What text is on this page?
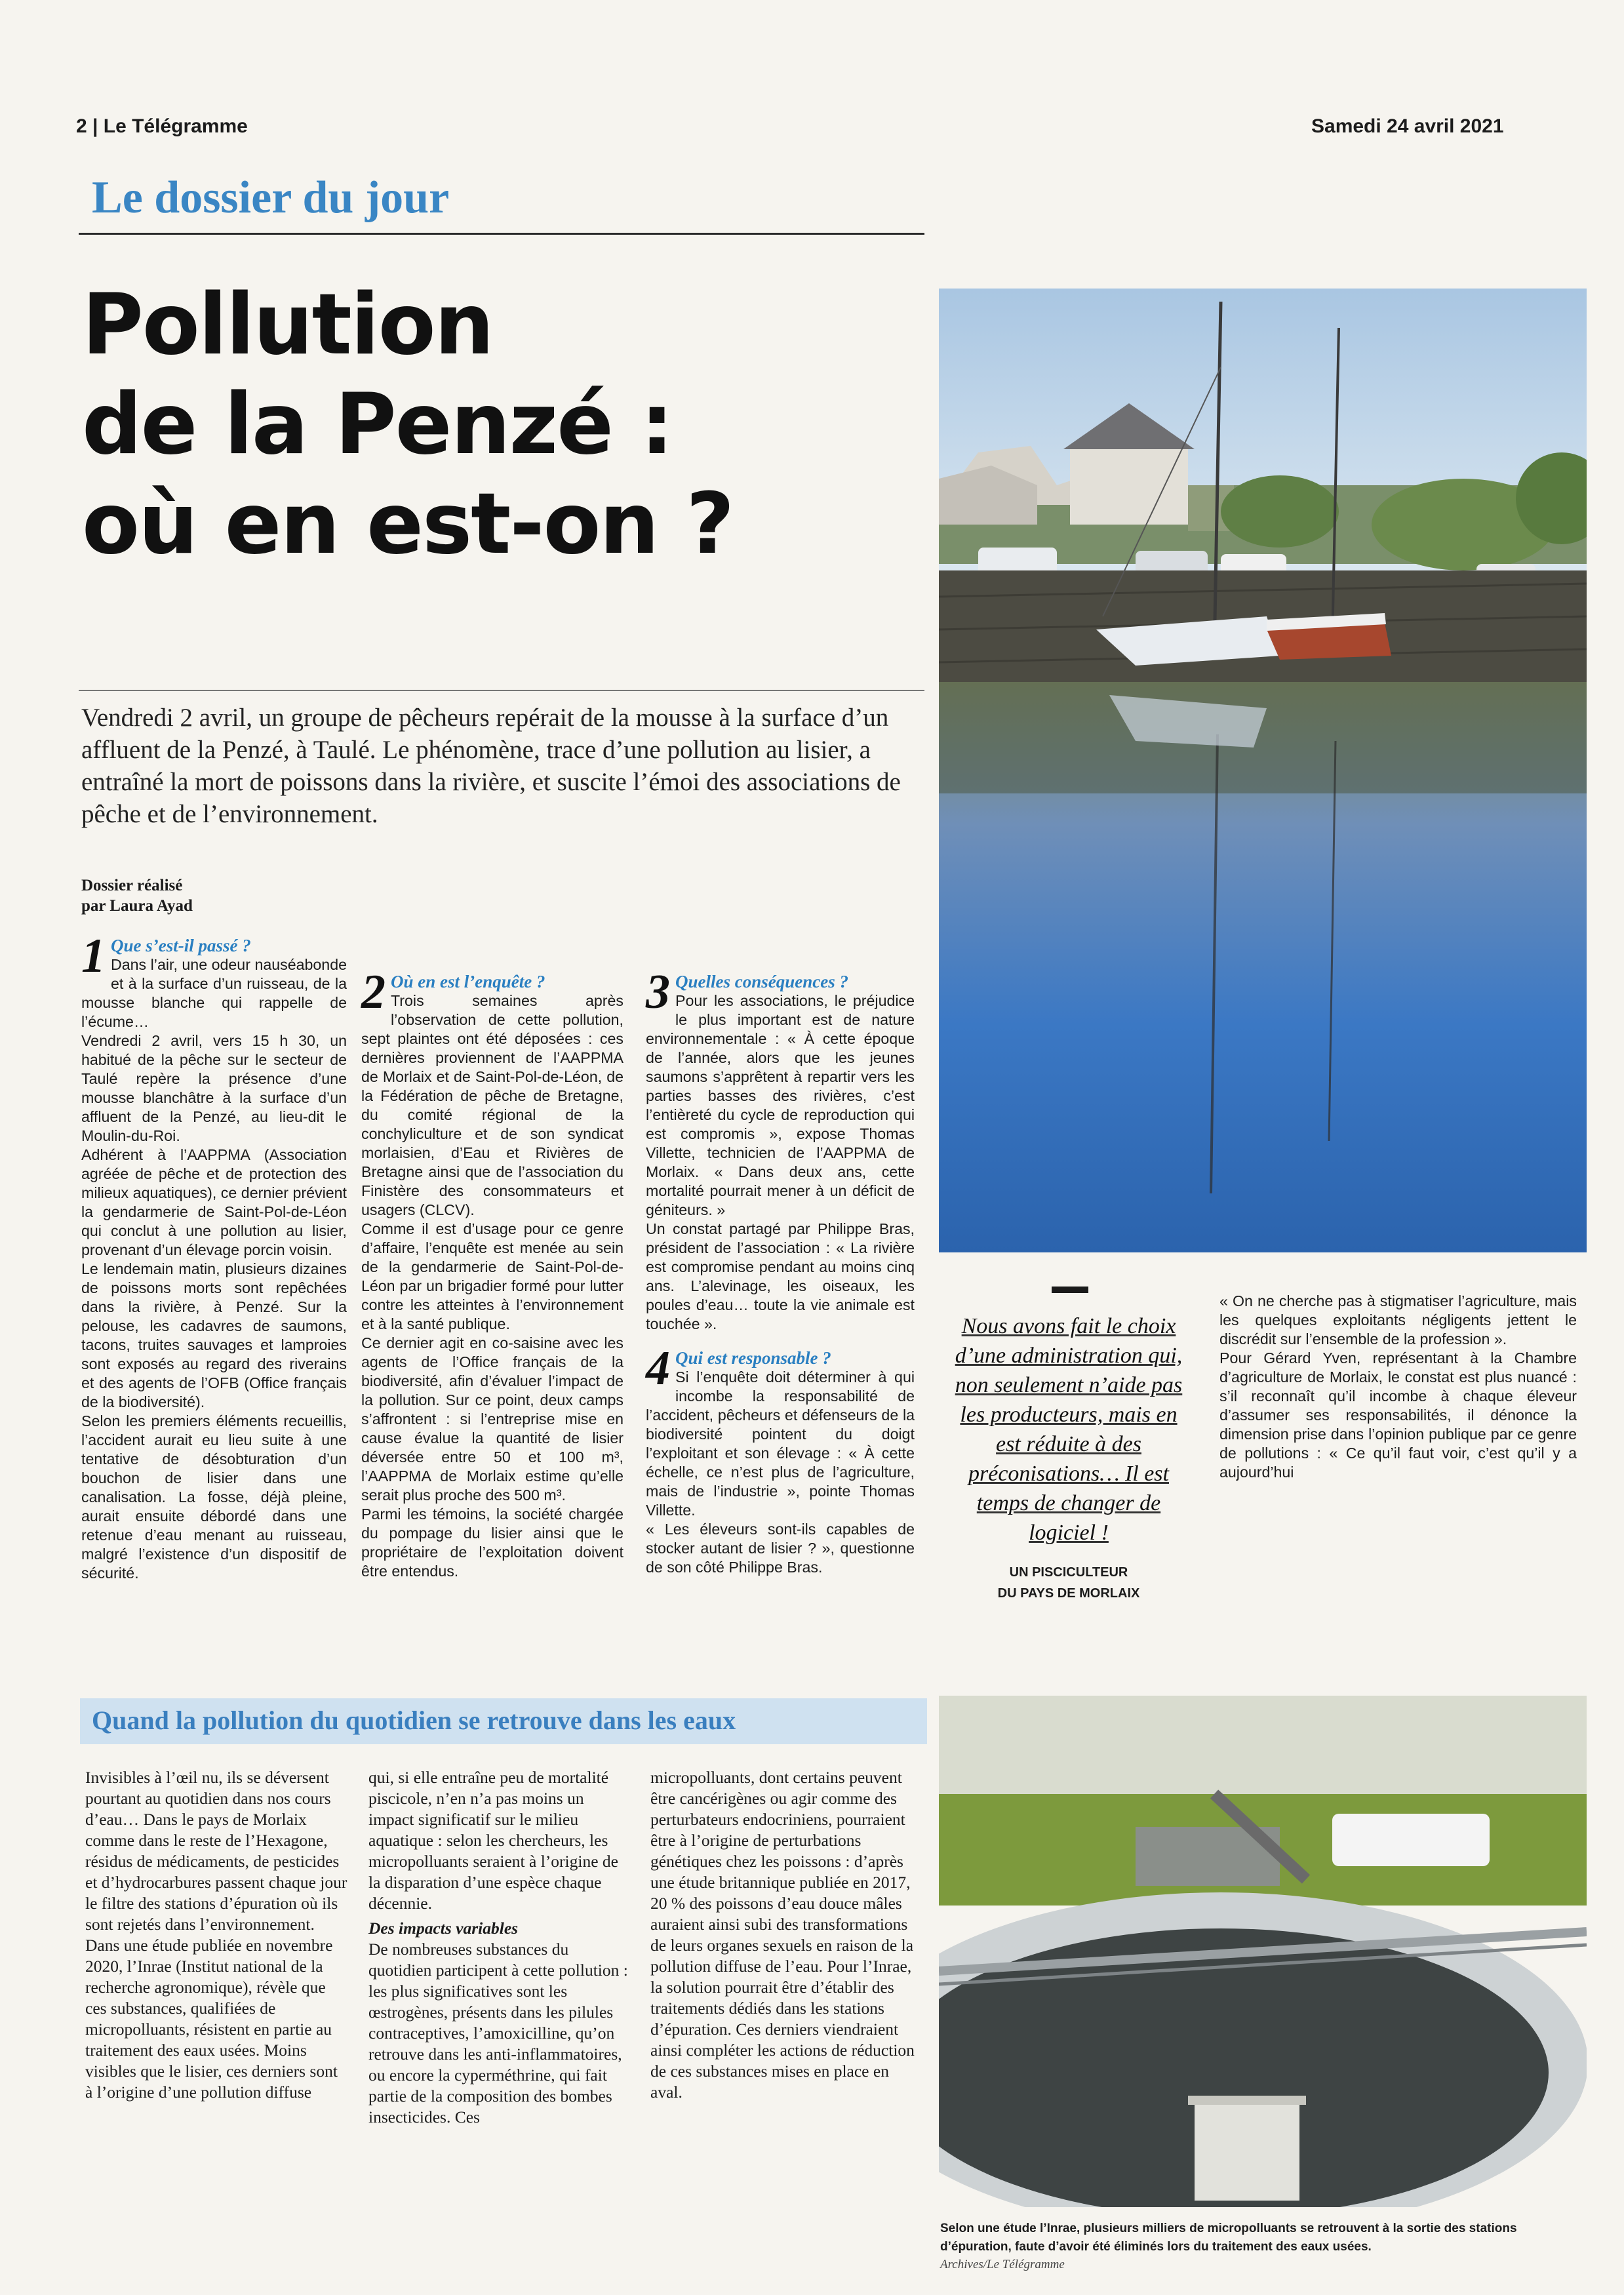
2 | Le Télégramme	Samedi 24 avril 2021
Le dossier du jour
Pollution
de la Penzé :
où en est-on ?
Vendredi 2 avril, un groupe de pêcheurs repérait de la mousse à la surface d’un affluent de la Penzé, à Taulé. Le phénomène, trace d’une pollution au lisier, a entraîné la mort de poissons dans la rivière, et suscite l’émoi des associations de pêche et de l’environnement.
Dossier réalisé
par Laura Ayad
1 Que s’est-il passé ?

Dans l’air, une odeur nauséabonde et à la surface d’un ruisseau, de la mousse blanche qui rappelle de l’écume…

Vendredi 2 avril, vers 15 h 30, un habitué de la pêche sur le secteur de Taulé repère la présence d’une mousse blanchâtre à la surface d’un affluent de la Penzé, au lieu-dit le Moulin-du-Roi.

Adhérent à l’AAPPMA (Association agréée de pêche et de protection des milieux aquatiques), ce dernier prévient la gendarmerie de Saint-Pol-de-Léon qui conclut à une pollution au lisier, provenant d’un élevage porcin voisin.

Le lendemain matin, plusieurs dizaines de poissons morts sont repêchées dans la rivière, à Penzé. Sur la pelouse, les cadavres de saumons, tacons, truites sauvages et lamproies sont exposés au regard des riverains et des agents de l’OFB (Office français de la biodiversité).

Selon les premiers éléments recueillis, l’accident aurait eu lieu suite à une tentative de désobturation d’un bouchon de lisier dans une canalisation. La fosse, déjà pleine, aurait ensuite débordé dans une retenue d’eau menant au ruisseau, malgré l’existence d’un dispositif de sécurité.

2 Où en est l’enquête ?

Trois semaines après l’observation de cette pollution, sept plaintes ont été déposées : ces dernières proviennent de l’AAPPMA de Morlaix et de Saint-Pol-de-Léon, de la Fédération de pêche de Bretagne, du comité régional de la conchyliculture et de son syndicat morlaisien, d’Eau et Rivières de Bretagne ainsi que de l’association du Finistère des consommateurs et usagers (CLCV).

Comme il est d’usage pour ce genre d’affaire, l’enquête est menée au sein de la gendarmerie de Saint-Pol-de-Léon par un brigadier formé pour lutter contre les atteintes à l’environnement et à la santé publique.

Ce dernier agit en co-saisine avec les agents de l’Office français de la biodiversité, afin d’évaluer l’impact de la pollution. Sur ce point, deux camps s’affrontent : si l’entreprise mise en cause évalue la quantité de lisier déversée entre 50 et 100 m³, l’AAPPMA de Morlaix estime qu’elle serait plus proche des 500 m³.

Parmi les témoins, la société chargée du pompage du lisier ainsi que le propriétaire de l’exploitation doivent être entendus.

3 Quelles conséquences ?

Pour les associations, le préjudice le plus important est de nature environnementale : « À cette époque de l’année, alors que les jeunes saumons s’apprêtent à repartir vers les parties basses des rivières, c’est l’entièreté du cycle de reproduction qui est compromis », expose Thomas Villette, technicien de l’AAPPMA de Morlaix. « Dans deux ans, cette mortalité pourrait mener à un déficit de géniteurs. »

Un constat partagé par Philippe Bras, président de l’association : « La rivière est compromise pendant au moins cinq ans. L’alevinage, les oiseaux, les poules d’eau… toute la vie animale est touchée ».

4 Qui est responsable ?

Si l’enquête doit déterminer à qui incombe la responsabilité de l’accident, pêcheurs et défenseurs de la biodiversité pointent du doigt l’exploitant et son élevage : « À cette échelle, ce n’est plus de l’agriculture, mais de l’industrie », pointe Thomas Villette.

« Les éleveurs sont-ils capables de stocker autant de lisier ? », questionne de son côté Philippe Bras.

Nous avons fait le choix d’une administration qui, non seulement n’aide pas les producteurs, mais en est réduite à des préconisations… Il est temps de changer de logiciel !
UN PISCICULTEUR
DU PAYS DE MORLAIX

« On ne cherche pas à stigmatiser l’agriculture, mais les quelques exploitants négligents jettent le discrédit sur l’ensemble de la profession ».

Pour Gérard Yven, représentant à la Chambre d’agriculture de Morlaix, le constat est plus nuancé : s’il reconnaît qu’il incombe à chaque éleveur d’assumer ses responsabilités, il dénonce la dimension prise dans l’opinion publique par ce genre de pollutions : « Ce qu’il faut voir, c’est qu’il y a aujourd’hui

Quand la pollution du quotidien se retrouve dans les eaux

Invisibles à l’œil nu, ils se déversent pourtant au quotidien dans nos cours d’eau… Dans le pays de Morlaix comme dans le reste de l’Hexagone, résidus de médicaments, de pesticides et d’hydrocarbures passent chaque jour le filtre des stations d’épuration où ils sont rejetés dans l’environnement. Dans une étude publiée en novembre 2020, l’Inrae (Institut national de la recherche agronomique), révèle que ces substances, qualifiées de micropolluants, résistent en partie au traitement des eaux usées. Moins visibles que le lisier, ces derniers sont à l’origine d’une pollution diffuse

qui, si elle entraîne peu de mortalité piscicole, n’en n’a pas moins un impact significatif sur le milieu aquatique : selon les chercheurs, les micropolluants seraient à l’origine de la disparation d’une espèce chaque décennie.

Des impacts variables

De nombreuses substances du quotidien participent à cette pollution : les plus significatives sont les œstrogènes, présents dans les pilules contraceptives, l’amoxicilline, qu’on retrouve dans les anti-inflammatoires, ou encore la cyperméthrine, qui fait partie de la composition des bombes insecticides. Ces

micropolluants, dont certains peuvent être cancérigènes ou agir comme des perturbateurs endocriniens, pourraient être à l’origine de perturbations génétiques chez les poissons : d’après une étude britannique publiée en 2017, 20 % des poissons d’eau douce mâles auraient ainsi subi des transformations de leurs organes sexuels en raison de la pollution diffuse de l’eau. Pour l’Inrae, la solution pourrait être d’établir des traitements dédiés dans les stations d’épuration. Ces derniers viendraient ainsi compléter les actions de réduction de ces substances mises en place en aval.

Selon une étude l’Inrae, plusieurs milliers de micropolluants se retrouvent à la sortie des stations d’épuration, faute d’avoir été éliminés lors du traitement des eaux usées.
Archives/Le Télégramme
